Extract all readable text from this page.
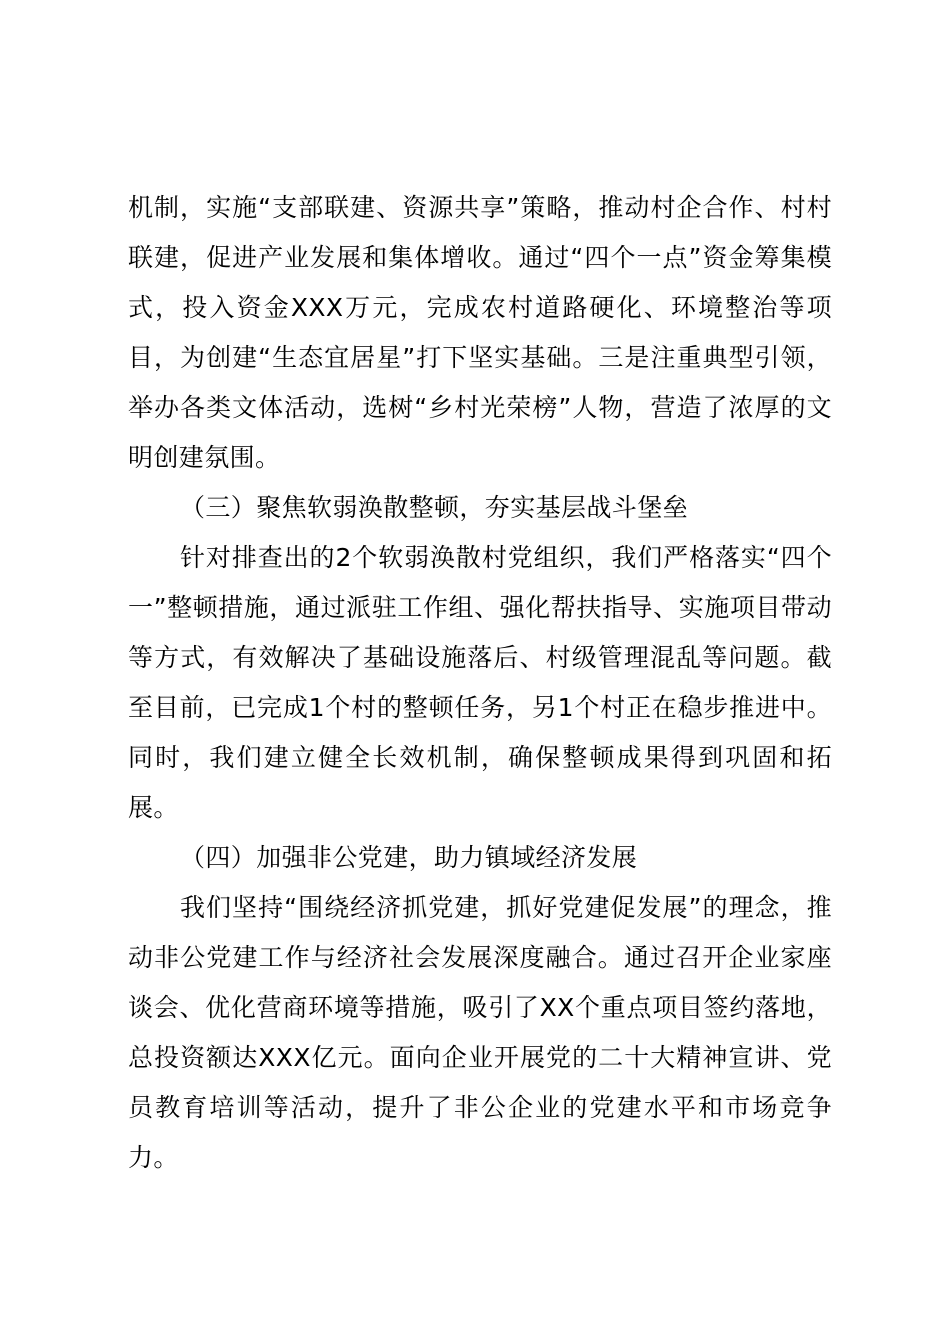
机制，实施“支部联建、资源共享”策略，推动村企合作、村村联建，促进产业发展和集体增收。通过“四个一点”资金筹集模式，投入资金XXX万元，完成农村道路硬化、环境整治等项目，为创建“生态宜居星”打下坚实基础。三是注重典型引领，举办各类文体活动，选树“乡村光荣榜”人物，营造了浓厚的文明创建氛围。

（三）聚焦软弱涣散整顿，夯实基层战斗堡垒

针对排查出的2个软弱涣散村党组织，我们严格落实“四个一”整顿措施，通过派驻工作组、强化帮扶指导、实施项目带动等方式，有效解决了基础设施落后、村级管理混乱等问题。截至目前，已完成1个村的整顿任务，另1个村正在稳步推进中。同时，我们建立健全长效机制，确保整顿成果得到巩固和拓展。

（四）加强非公党建，助力镇域经济发展

我们坚持“围绕经济抓党建，抓好党建促发展”的理念，推动非公党建工作与经济社会发展深度融合。通过召开企业家座谈会、优化营商环境等措施，吸引了XX个重点项目签约落地，总投资额达XXX亿元。面向企业开展党的二十大精神宣讲、党员教育培训等活动，提升了非公企业的党建水平和市场竞争力。
